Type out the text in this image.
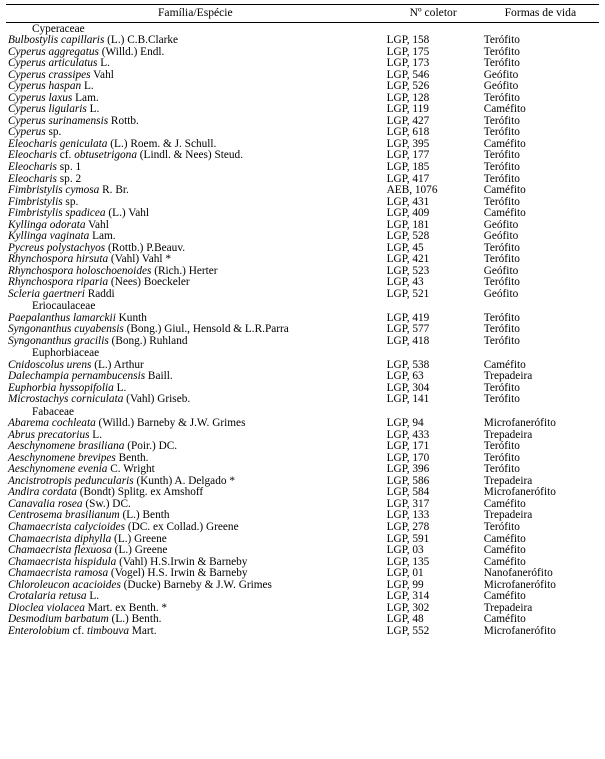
Família/Espécie	Nº coletor	Formas de vida
Cyperaceae		
Bulbostylis capillaris (L.) C.B.Clarke	LGP, 158	Terófito
Cyperus aggregatus (Willd.) Endl.	LGP, 175	Terófito
Cyperus articulatus L.	LGP, 173	Terófito
Cyperus crassipes Vahl	LGP, 546	Geófito
Cyperus haspan L.	LGP, 526	Geófito
Cyperus laxus Lam.	LGP, 128	Terófito
Cyperus ligularis L.	LGP, 119	Caméfito
Cyperus surinamensis Rottb.	LGP, 427	Terófito
Cyperus sp.	LGP, 618	Terófito
Eleocharis geniculata (L.) Roem. & J. Schull.	LGP, 395	Caméfito
Eleocharis cf. obtusetrigona (Lindl. & Nees) Steud.	LGP, 177	Terófito
Eleocharis sp. 1	LGP, 185	Terófito
Eleocharis sp. 2	LGP, 417	Terófito
Fimbristylis cymosa R. Br.	AEB, 1076	Caméfito
Fimbristylis sp.	LGP, 431	Terófito
Fimbristylis spadicea (L.) Vahl	LGP, 409	Caméfito
Kyllinga odorata Vahl	LGP, 181	Geófito
Kyllinga vaginata Lam.	LGP, 528	Geófito
Pycreus polystachyos (Rottb.) P.Beauv.	LGP, 45	Terófito
Rhynchospora hirsuta (Vahl) Vahl *	LGP, 421	Terófito
Rhynchospora holoschoenoides (Rich.) Herter	LGP, 523	Geófito
Rhynchospora riparia (Nees) Boeckeler	LGP, 43	Terófito
Scleria gaertneri Raddi	LGP, 521	Geófito
Eriocaulaceae		
Paepalanthus lamarckii Kunth	LGP, 419	Terófito
Syngonanthus cuyabensis (Bong.) Giul., Hensold & L.R.Parra	LGP, 577	Terófito
Syngonanthus gracilis (Bong.) Ruhland	LGP, 418	Terófito
Euphorbiaceae		
Cnidoscolus urens (L.) Arthur	LGP, 538	Caméfito
Dalechampia pernambucensis Baill.	LGP, 63	Trepadeira
Euphorbia hyssopifolia L.	LGP, 304	Terófito
Microstachys corniculata (Vahl) Griseb.	LGP, 141	Terófito
Fabaceae		
Abarema cochleata (Willd.) Barneby & J.W. Grimes	LGP, 94	Microfanerófito
Abrus precatorius L.	LGP, 433	Trepadeira
Aeschynomene brasiliana (Poir.) DC.	LGP, 171	Terófito
Aeschynomene brevipes Benth.	LGP, 170	Terófito
Aeschynomene evenia C. Wright	LGP, 396	Terófito
Ancistrotropis peduncularis (Kunth) A. Delgado *	LGP, 586	Trepadeira
Andira cordata (Bondt) Splitg. ex Amshoff	LGP, 584	Microfanerófito
Canavalia rosea (Sw.) DC.	LGP, 317	Caméfito
Centrosema brasilianum (L.) Benth	LGP, 133	Trepadeira
Chamaecrista calycioides (DC. ex Collad.) Greene	LGP, 278	Terófito
Chamaecrista diphylla (L.) Greene	LGP, 591	Caméfito
Chamaecrista flexuosa (L.) Greene	LGP, 03	Caméfito
Chamaecrista hispidula (Vahl) H.S.Irwin & Barneby	LGP, 135	Caméfito
Chamaecrista ramosa (Vogel) H.S. Irwin & Barneby	LGP, 01	Nanofanerófito
Chloroleucon acacioides (Ducke) Barneby & J.W. Grimes	LGP, 99	Microfanerófito
Crotalaria retusa L.	LGP, 314	Caméfito
Dioclea violacea Mart. ex Benth. *	LGP, 302	Trepadeira
Desmodium barbatum (L.) Benth.	LGP, 48	Caméfito
Enterolobium cf. timbouva Mart.	LGP, 552	Microfanerófito
